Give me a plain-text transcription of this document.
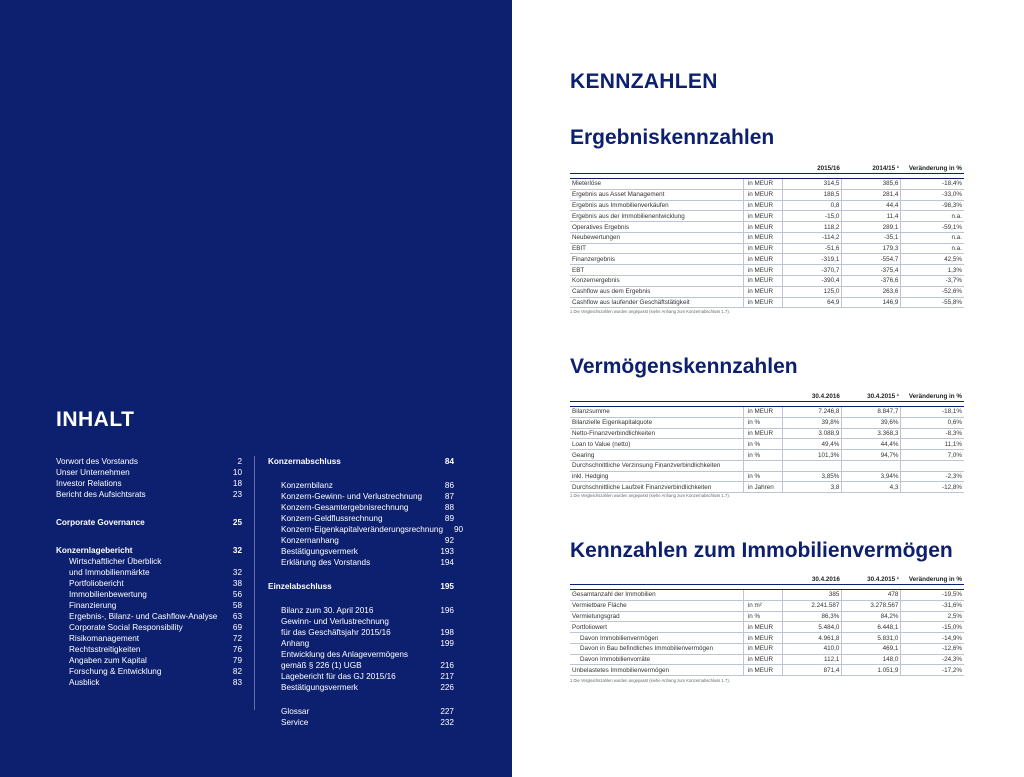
INHALT
Vorwort des Vorstands	2
Unser Unternehmen	10
Investor Relations	18
Bericht des Aufsichtsrats	23
Corporate Governance	25
Konzernlagebericht	32
Wirtschaftlicher Überblick
und Immobilienmärkte	32
Portfoliobericht	38
Immobilienbewertung	56
Finanzierung	58
Ergebnis-, Bilanz- und Cashflow-Analyse	63
Corporate Social Responsibility	69
Risikomanagement	72
Rechtsstreitigkeiten	76
Angaben zum Kapital	79
Forschung & Entwicklung	82
Ausblick	83
Konzernabschluss	84
Konzernbilanz	86
Konzern-Gewinn- und Verlustrechnung	87
Konzern-Gesamtergebnisrechnung	88
Konzern-Geldflussrechnung	89
Konzern-Eigenkapitalveränderungsrechnung	90
Konzernanhang	92
Bestätigungsvermerk	193
Erklärung des Vorstands	194
Einzelabschluss	195
Bilanz zum 30. April 2016	196
Gewinn- und Verlustrechnung
für das Geschäftsjahr 2015/16	198
Anhang	199
Entwicklung des Anlagevermögens
gemäß § 226 (1) UGB	216
Lagebericht für das GJ 2015/16	217
Bestätigungsvermerk	226
Glossar	227
Service	232
KENNZAHLEN
Ergebniskennzahlen
		2015/16	2014/15 ¹	Veränderung in %

Mieterlöse	in MEUR	314,5	385,6	-18,4%
Ergebnis aus Asset Management	in MEUR	188,5	281,4	-33,0%
Ergebnis aus Immobilienverkäufen	in MEUR	0,8	44,4	-98,3%
Ergebnis aus der Immobilienentwicklung	in MEUR	-15,0	11,4	n.a.
Operatives Ergebnis	in MEUR	118,2	289,1	-59,1%
Neubewertungen	in MEUR	-114,2	-35,1	n.a.
EBIT	in MEUR	-51,6	179,3	n.a.
Finanzergebnis	in MEUR	-319,1	-554,7	42,5%
EBT	in MEUR	-370,7	-375,4	1,3%
Konzernergebnis	in MEUR	-390,4	-376,6	-3,7%
Cashflow aus dem Ergebnis	in MEUR	125,0	263,6	-52,6%
Cashflow aus laufender Geschäftstätigkeit	in MEUR	64,9	146,9	-55,8%
1 Die Vergleichszahlen wurden angepasst (siehe Anhang zum Konzernabschluss 1.7).
Vermögenskennzahlen
		30.4.2016	30.4.2015 ¹	Veränderung in %

Bilanzsumme	in MEUR	7.246,8	8.847,7	-18,1%
Bilanzielle Eigenkapitalquote	in %	39,8%	39,6%	0,6%
Netto-Finanzverbindlichkeiten	in MEUR	3.088,9	3.368,3	-8,3%
Loan to Value (netto)	in %	49,4%	44,4%	11,1%
Gearing	in %	101,3%	94,7%	7,0%
Durchschnittliche Verzinsung Finanzverbindlichkeiten				
inkl. Hedging	in %	3,85%	3,94%	-2,3%
Durchschnittliche Laufzeit Finanzverbindlichkeiten	in Jahren	3,8	4,3	-12,8%
1 Die Vergleichszahlen wurden angepasst (siehe Anhang zum Konzernabschluss 1.7).
Kennzahlen zum Immobilienvermögen
		30.4.2016	30.4.2015 ¹	Veränderung in %

Gesamtanzahl der Immobilien		385	478	-19,5%
Vermietbare Fläche	in m²	2.241.587	3.278.567	-31,6%
Vermietungsgrad	in %	86,3%	84,2%	2,5%
Portfoliowert	in MEUR	5.484,0	6.448,1	-15,0%
Davon Immobilienvermögen	in MEUR	4.961,8	5.831,0	-14,9%
Davon in Bau befindliches Immobilienvermögen	in MEUR	410,0	469,1	-12,6%
Davon Immobilienvorräte	in MEUR	112,1	148,0	-24,3%
Unbelastetes Immobilienvermögen	in MEUR	871,4	1.051,9	-17,2%
1 Die Vergleichszahlen wurden angepasst (siehe Anhang zum Konzernabschluss 1.7).
